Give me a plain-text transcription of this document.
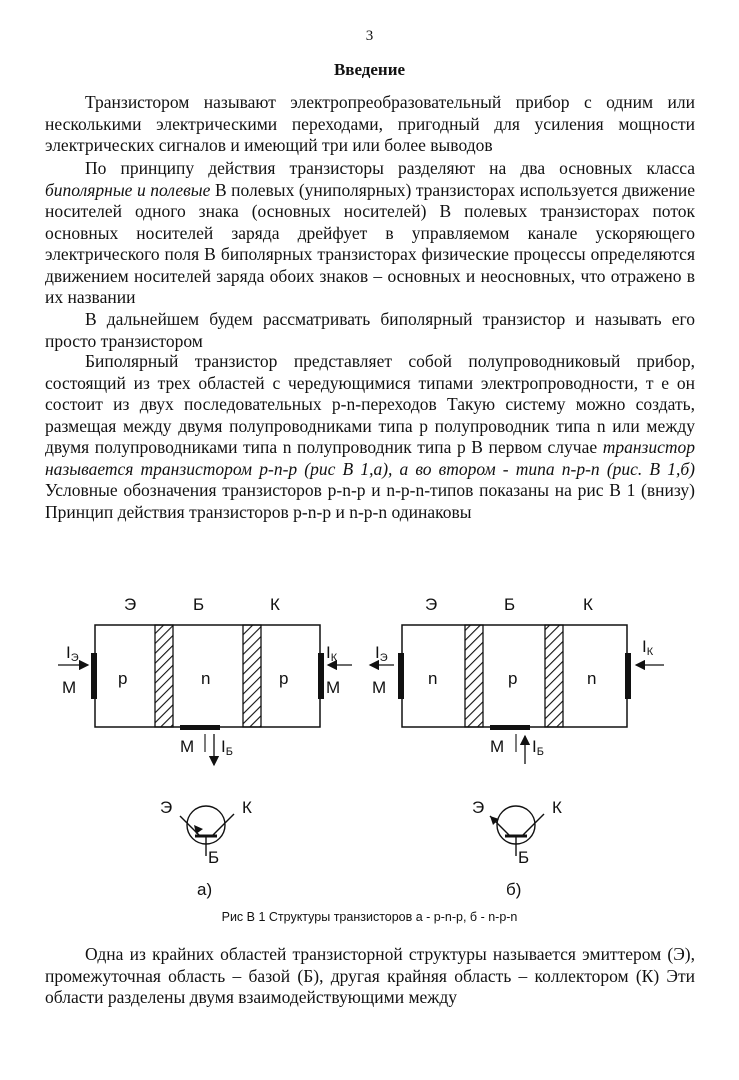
3
Введение

Транзистором называют электропреобразовательный прибор с одним или несколькими электрическими переходами, пригодный для усиления мощности электрических сигналов и имеющий три или более выводов

По принципу действия транзисторы разделяют на два основных класса биполярные и полевые В полевых (униполярных) транзисторах используется движение носителей одного знака (основных носителей) В полевых транзисторах поток основных носителей заряда дрейфует в управляемом канале ускоряющего электрического поля В биполярных транзисторах физические процессы определяются движением носителей заряда обоих знаков – основных и неосновных, что отражено в их названии

В дальнейшем будем рассматривать биполярный транзистор и называть его просто транзистором

Биполярный транзистор представляет собой полупроводниковый прибор, состоящий из трех областей с чередующимися типами электропроводности, т е он состоит из двух последовательных р-n-переходов Такую систему можно создать, размещая между двумя полупроводниками типа р полупроводник типа n или между двумя полупроводниками типа n полупроводник типа р В первом случае транзистор называется транзистором р-n-р (рис В 1,а), а во втором - типа n-р-n (рис. В 1,б) Условные обозначения транзисторов р-n-р и n-р-n-типов показаны на рис В 1 (внизу) Принцип действия транзисторов р-n-р и n-р-n одинаковы

Э	Б	К
p	n	p
IЭ
М
IК
М
М IБ
Э	К
Б
а)
Э	Б	К
n	р	n
IЭ
М
IК
М IБ
Э	К
Б
б)
Рис В 1 Структуры транзисторов а - р-n-р, б - n-р-n

Одна из крайних областей транзисторной структуры называется эмиттером (Э), промежуточная область – базой (Б), другая крайняя область – коллектором (К) Эти области разделены двумя взаимодействующими между
